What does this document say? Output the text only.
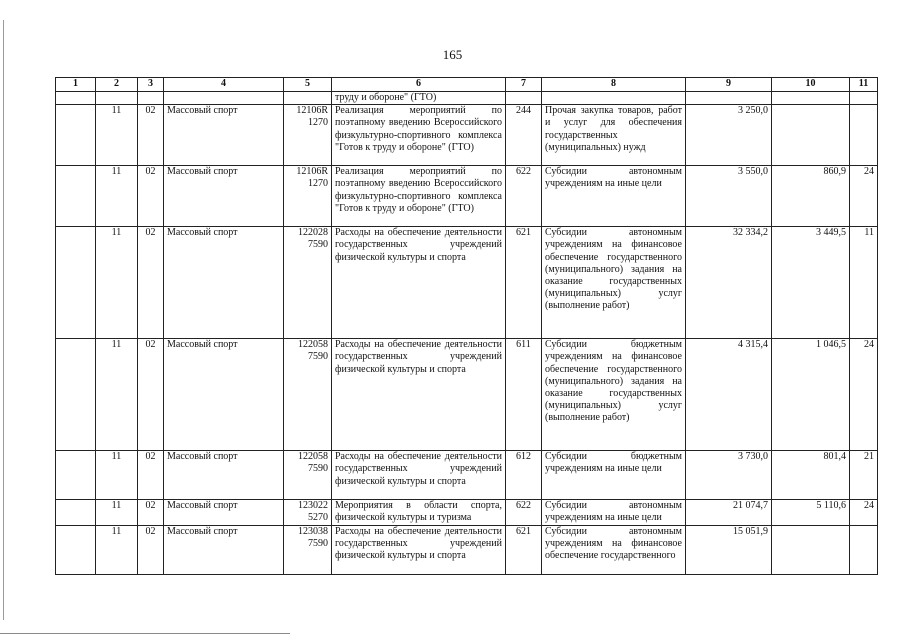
165
1	2	3	4	5	6	7	8	9	10	11
					труду и обороне" (ГТО)					
	11	02	Массовый спорт	12106R 1270	Реализация мероприятий по поэтапному введению Всероссийского физкультурно-спортивного комплекса "Готов к труду и обороне" (ГТО)	244	Прочая закупка товаров, работ и услуг для обеспечения государственных (муниципальных) нужд	3 250,0		
	11	02	Массовый спорт	12106R 1270	Реализация мероприятий по поэтапному введению Всероссийского физкультурно-спортивного комплекса "Готов к труду и обороне" (ГТО)	622	Субсидии автономным учреждениям на иные цели	3 550,0	860,9	24
	11	02	Массовый спорт	122028 7590	Расходы на обеспечение деятельности государственных учреждений физической культуры и спорта	621	Субсидии автономным учреждениям на финансовое обеспечение государственного (муниципального) задания на оказание государственных (муниципальных) услуг (выполнение работ)	32 334,2	3 449,5	11
	11	02	Массовый спорт	122058 7590	Расходы на обеспечение деятельности государственных учреждений физической культуры и спорта	611	Субсидии бюджетным учреждениям на финансовое обеспечение государственного (муниципального) задания на оказание государственных (муниципальных) услуг (выполнение работ)	4 315,4	1 046,5	24
	11	02	Массовый спорт	122058 7590	Расходы на обеспечение деятельности государственных учреждений физической культуры и спорта	612	Субсидии бюджетным учреждениям на иные цели	3 730,0	801,4	21
	11	02	Массовый спорт	123022 5270	Мероприятия в области спорта, физической культуры и туризма	622	Субсидии автономным учреждениям на иные цели	21 074,7	5 110,6	24
	11	02	Массовый спорт	123038 7590	Расходы на обеспечение деятельности государственных учреждений физической культуры и спорта	621	Субсидии автономным учреждениям на финансовое обеспечение государственного	15 051,9		
